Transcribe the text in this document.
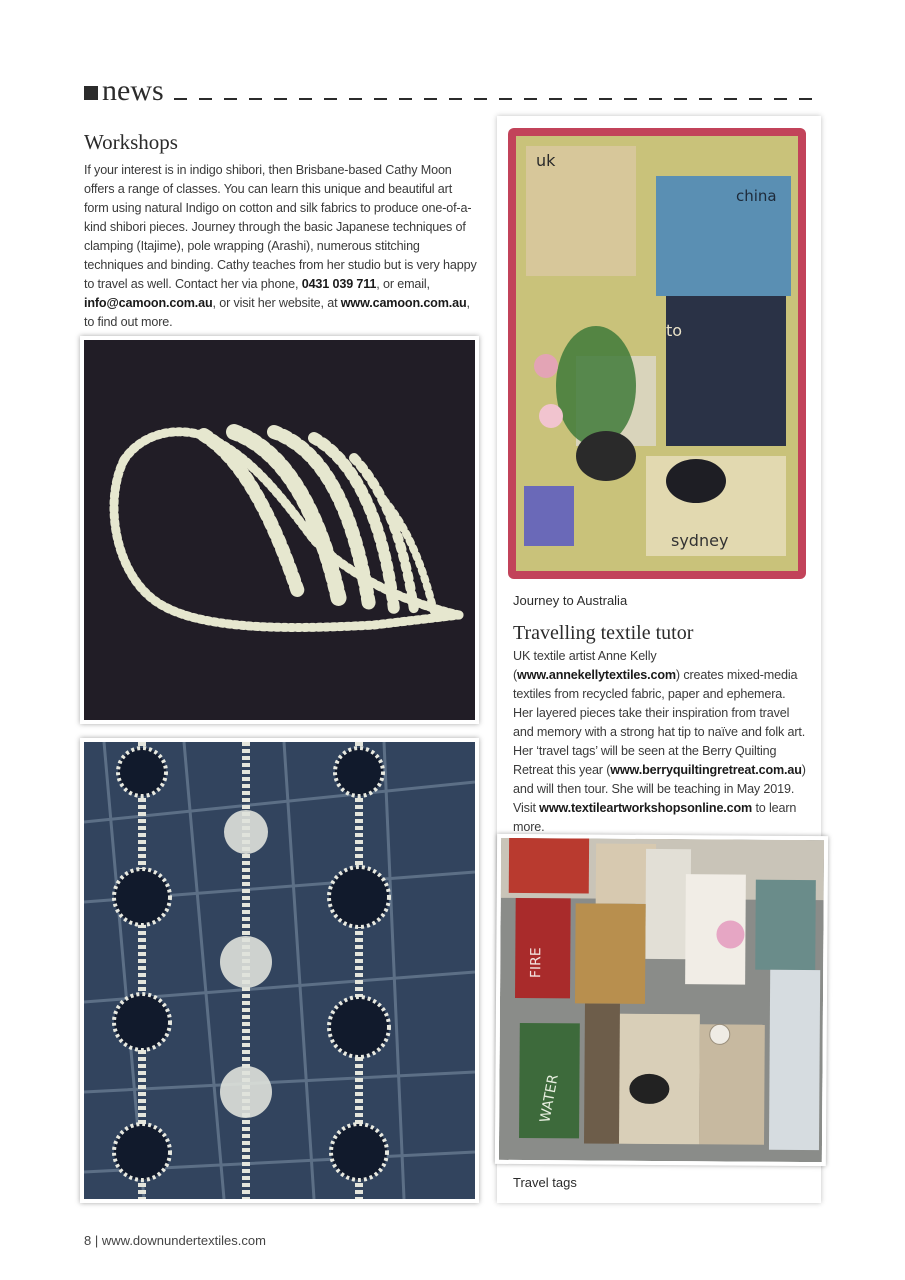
news
Workshops

If your interest is in indigo shibori, then Brisbane-based Cathy Moon offers a range of classes. You can learn this unique and beautiful art form using natural Indigo on cotton and silk fabrics to produce one-of-a-kind shibori pieces. Journey through the basic Japanese techniques of clamping (Itajime), pole wrapping (Arashi), numerous stitching techniques and binding. Cathy teaches from her studio but is very happy to travel as well. Contact her via phone, 0431 039 711, or email, info@camoon.com.au, or visit her website, at www.camoon.com.au, to find out more.

uk
china
to
sydney
Journey to Australia
Travelling textile tutor

UK textile artist Anne Kelly (www.annekellytextiles.com) creates mixed-media textiles from recycled fabric, paper and ephemera. Her layered pieces take their inspiration from travel and memory with a strong hat tip to naïve and folk art. Her ‘travel tags’ will be seen at the Berry Quilting Retreat this year (www.berryquiltingretreat.com.au) and will then tour. She will be teaching in May 2019. Visit www.textileartworkshopsonline.com to learn more.

FIRE
WATER
Travel tags
8 | www.downundertextiles.com
